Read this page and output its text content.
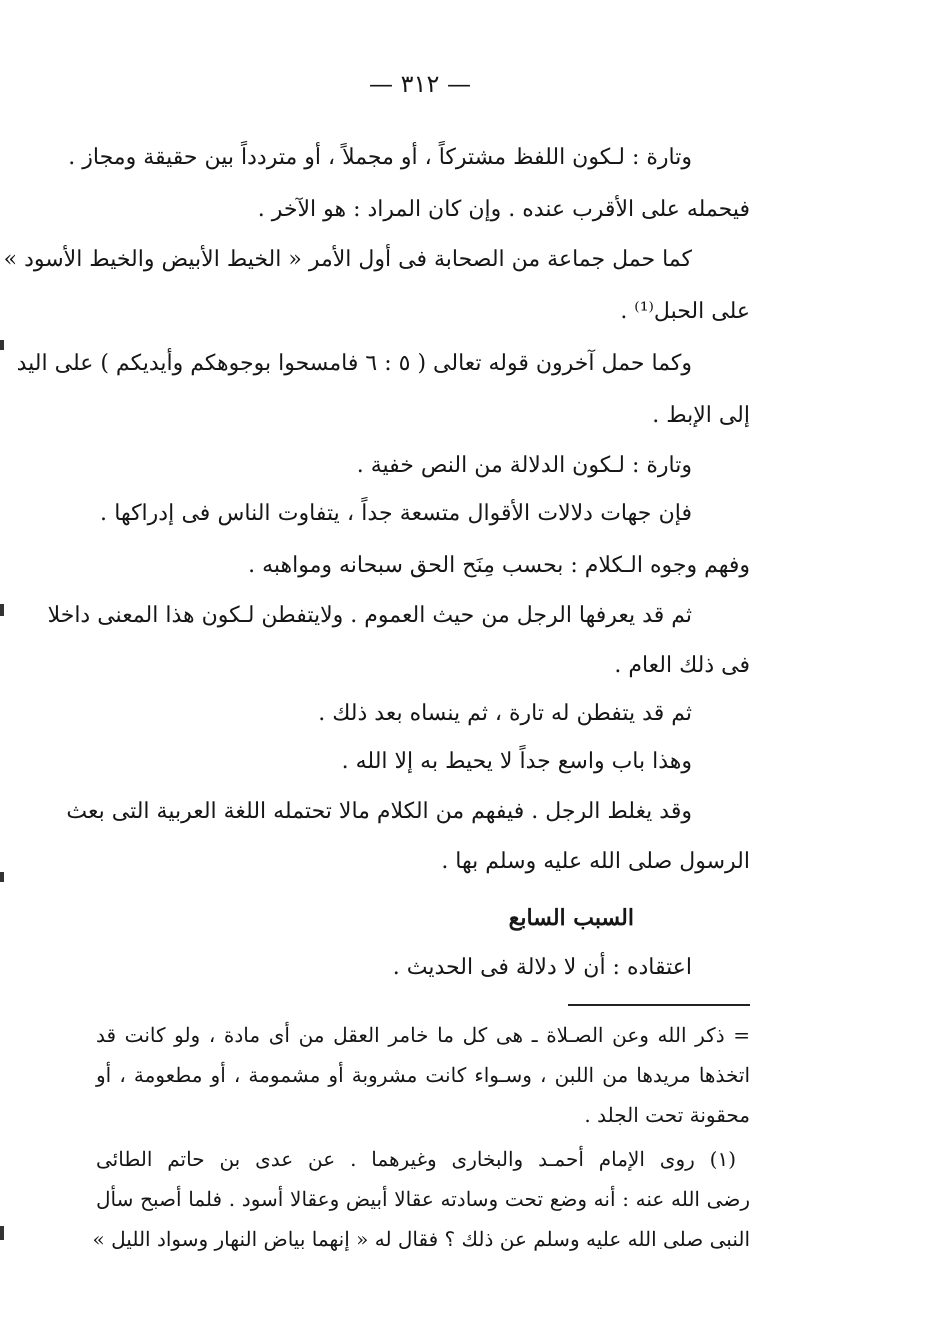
— ٣١٢ —
وتارة : لـكون اللفظ مشتركاً ، أو مجملاً ، أو متردداً بين حقيقة ومجاز .
فيحمله على الأقرب عنده . وإن كان المراد : هو الآخر .
كما حمل جماعة من الصحابة فى أول الأمر « الخيط الأبيض والخيط الأسود »
على الحبل⁽¹⁾ .
وكما حمل آخرون قوله تعالى ( ٥ : ٦ فامسحوا بوجوهكم وأيديكم ) على اليد
إلى الإبط .
وتارة : لـكون الدلالة من النص خفية .
فإن جهات دلالات الأقوال متسعة جداً ، يتفاوت الناس فى إدراكها .
وفهم وجوه الـكلام : بحسب مِنَح الحق سبحانه ومواهبه .
ثم قد يعرفها الرجل من حيث العموم . ولايتفطن لـكون هذا المعنى داخلا
فى ذلك العام .
ثم قد يتفطن له تارة ، ثم ينساه بعد ذلك .
وهذا باب واسع جداً لا يحيط به إلا الله .
وقد يغلط الرجل . فيفهم من الكلام مالا تحتمله اللغة العربية التى بعث
الرسول صلى الله عليه وسلم بها .
السبب السابع
اعتقاده : أن لا دلالة فى الحديث .
= ذكر الله وعن الصـلاة ـ هى كل ما خامر العقل من أى مادة ، ولو كانت قد
اتخذها مريدها من اللبن ، وسـواء كانت مشروبة أو مشمومة ، أو مطعومة ، أو
محقونة تحت الجلد .
(١) روى الإمام أحمـد والبخارى وغيرهما . عن عدى بن حاتم الطائى
رضى الله عنه : أنه وضع تحت وسادته عقالا أبيض وعقالا أسود . فلما أصبح سأل
النبى صلى الله عليه وسلم عن ذلك ؟ فقال له « إنهما بياض النهار وسواد الليل »
